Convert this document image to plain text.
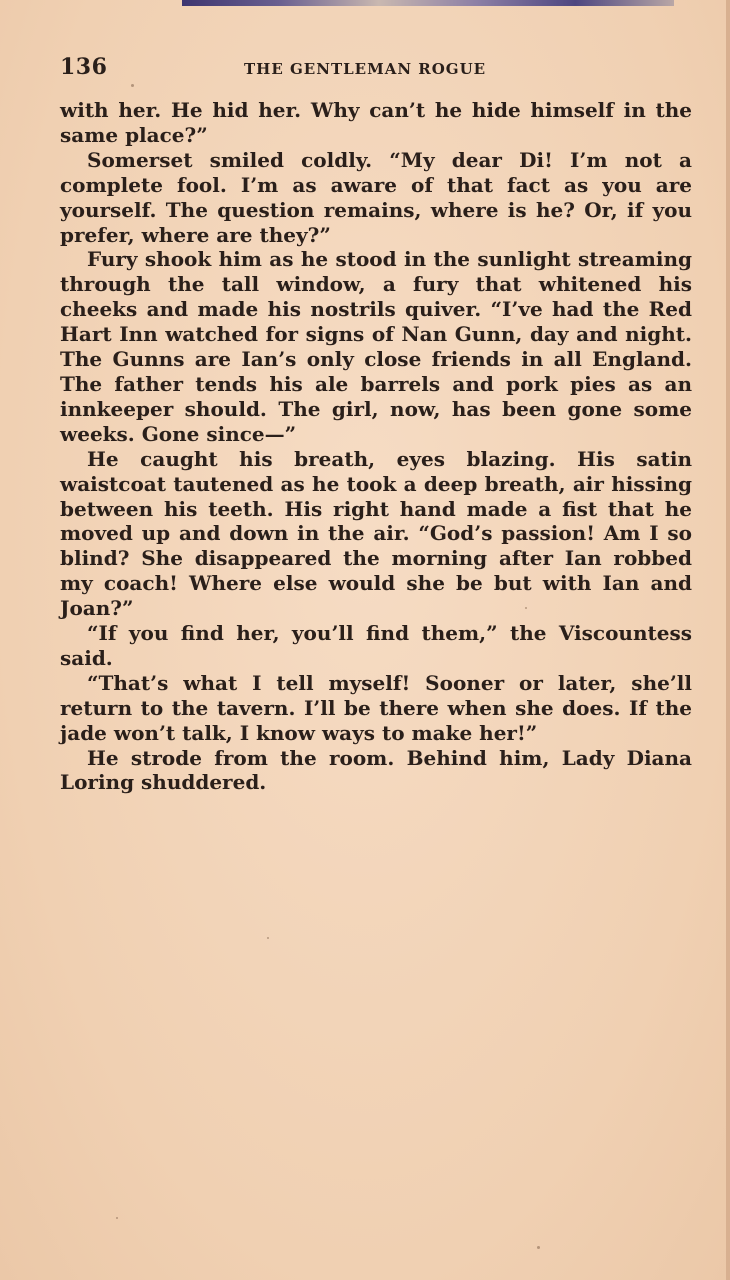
136	THE GENTLEMAN ROGUE

with her. He hid her. Why can’t he hide himself in the same place?”

Somerset smiled coldly. “My dear Di! I’m not a complete fool. I’m as aware of that fact as you are yourself. The question remains, where is he? Or, if you prefer, where are they?”

Fury shook him as he stood in the sunlight streaming through the tall window, a fury that whitened his cheeks and made his nostrils quiver. “I’ve had the Red Hart Inn watched for signs of Nan Gunn, day and night. The Gunns are Ian’s only close friends in all England. The father tends his ale barrels and pork pies as an innkeeper should. The girl, now, has been gone some weeks. Gone since—”

He caught his breath, eyes blazing. His satin waistcoat tautened as he took a deep breath, air hissing between his teeth. His right hand made a fist that he moved up and down in the air. “God’s passion! Am I so blind? She disappeared the morning after Ian robbed my coach! Where else would she be but with Ian and Joan?”

“If you find her, you’ll find them,” the Viscountess said.

“That’s what I tell myself! Sooner or later, she’ll return to the tavern. I’ll be there when she does. If the jade won’t talk, I know ways to make her!”

He strode from the room. Behind him, Lady Diana Loring shuddered.
